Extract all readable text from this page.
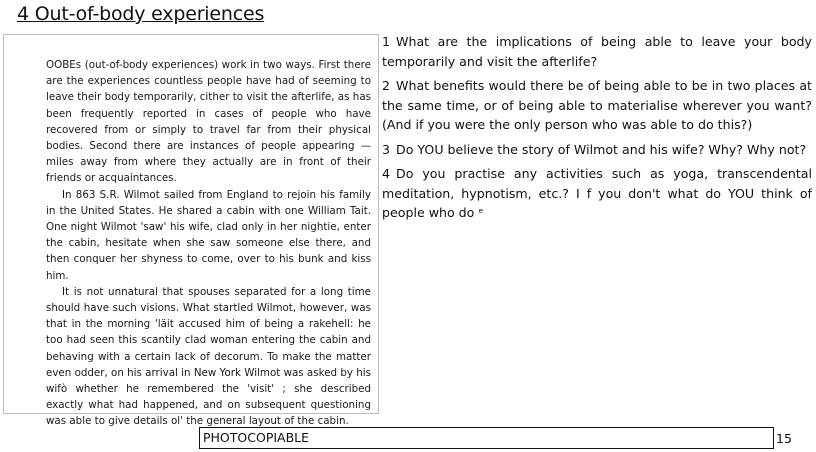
4 Out-of-body experiences

OOBEs (out-of-body experiences) work in two ways. First there are the experiences countless people have had of seeming to leave their body temporarily, cither to visit the afterlife, as has been frequently reported in cases of people who have recovered from or simply to travel far from their physical bodies. Second there are instances of people appearing — miles away from where they actually are in front of their friends or acquaintances.

In 863 S.R. Wilmot sailed from England to rejoin his family in the United States. He shared a cabin with one William Tait. One night Wilmot 'saw' his wife, clad only in her nightie, enter the cabin, hesitate when she saw someone else there, and then conquer her shyness to come, over to his bunk and kiss him.

It is not unnatural that spouses separated for a long time should have such visions. What startled Wilmot, however, was that in the morning 'läit accused him of being a rakehell: he too had seen this scantily clad woman entering the cabin and behaving with a certain lack of decorum. To make the matter even odder, on his arrival in New York Wilmot was asked by his wifò whether he remembered the 'visit' ; she described exactly what had happened, and on subsequent questioning was able to give details ol' the general layout of the cabin.

1 What are the implications of being able to leave your body temporarily and visit the afterlife?

2 What benefits would there be of being able to be in two places at the same time, or of being able to materialise wherever you want? (And if you were the only person who was able to do this?)

3 Do YOU believe the story of Wilmot and his wife? Why? Why not?

4 Do you practise any activities such as yoga, transcendental meditation, hypnotism, etc.? I f you don't what do YOU think of people who do ᵉ

PHOTOCOPIABLE	15
